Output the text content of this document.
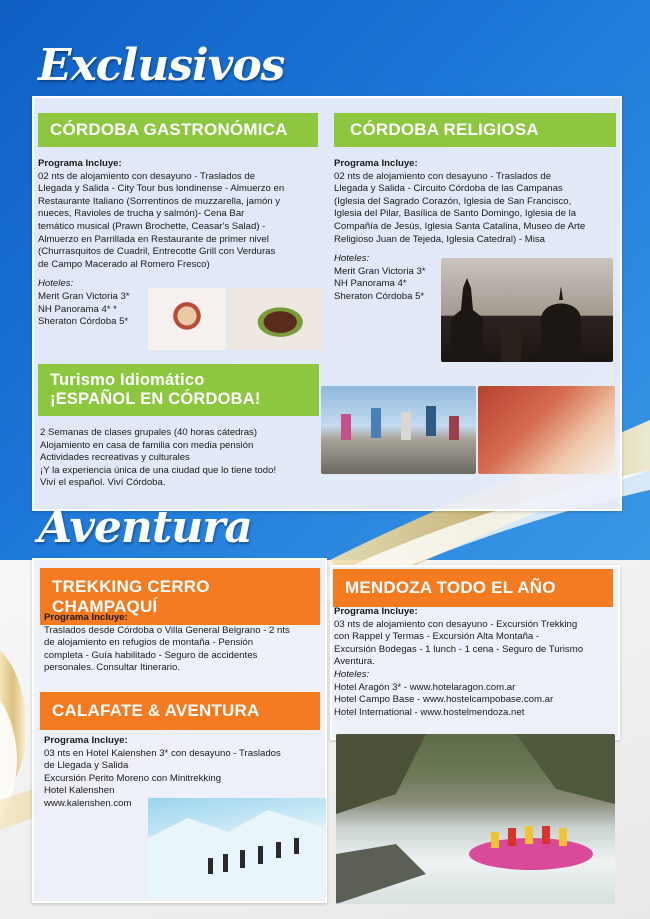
Exclusivos
CÓRDOBA GASTRONÓMICA
Programa Incluye:

02 nts de alojamiento con desayuno - Traslados de

Llegada y Salida - City Tour bus londinense - Almuerzo en

Restaurante Italiano (Sorrentinos de muzzarella, jamón y

nueces, Ravioles de trucha y salmón)- Cena Bar

temático musical (Prawn Brochette, Ceasar's Salad) -

Almuerzo en Parrillada en Restaurante de primer nivel

(Churrasquitos de Cuadril, Entrecotte Grill con Verduras

de Campo Macerado al Romero Fresco)

Hoteles:

Merit Gran Victoria 3*

NH Panorama 4* *

Sheraton Córdoba 5*

CÓRDOBA RELIGIOSA
Programa Incluye:

02 nts de alojamiento con desayuno - Traslados de

Llegada y Salida - Circuito Córdoba de las Campanas

(Iglesia del Sagrado Corazón, Iglesia de San Francisco,

Iglesia del Pilar, Basílica de Santo Domingo, Iglesia de la

Compañía de Jesús, Iglesia Santa Catalina, Museo de Arte

Religioso Juan de Tejeda, Iglesia Catedral) - Misa

Hoteles:

Merit Gran Victoria 3*

NH Panorama 4*

Sheraton Córdoba 5*

Turismo Idiomático
¡ESPAÑOL EN CÓRDOBA!

2 Semanas de clases grupales (40 horas cátedras)

Alojamiento en casa de familia con media pensión

Actividades recreativas y culturales

¡Y la experiencia única de una ciudad que lo tiene todo!

Viví el español. Viví Córdoba.

Aventura
TREKKING CERRO CHAMPAQUÍ
Programa Incluye:

Traslados desde Córdoba o Villa General Belgrano - 2 nts

de alojamiento en refugios de montaña - Pensión

completa - Guía habilitado - Seguro de accidentes

personales. Consultar Itinerario.

CALAFATE & AVENTURA
Programa Incluye:

03 nts en Hotel Kalenshen 3* con desayuno - Traslados

de Llegada y Salida

Excursión Perito Moreno con Minitrekking

Hotel Kalenshen

www.kalenshen.com

MENDOZA TODO EL AÑO
Programa Incluye:

03 nts de alojamiento con desayuno - Excursión Trekking

con Rappel y Termas - Excursión Alta Montaña -

Excursión Bodegas - 1 lunch - 1 cena - Seguro de Turismo

Aventura.

Hoteles:

Hotel Aragón 3* - www.hotelaragon.com.ar

Hotel Campo Base - www.hostelcampobase.com.ar

Hotel International - www.hostelmendoza.net
